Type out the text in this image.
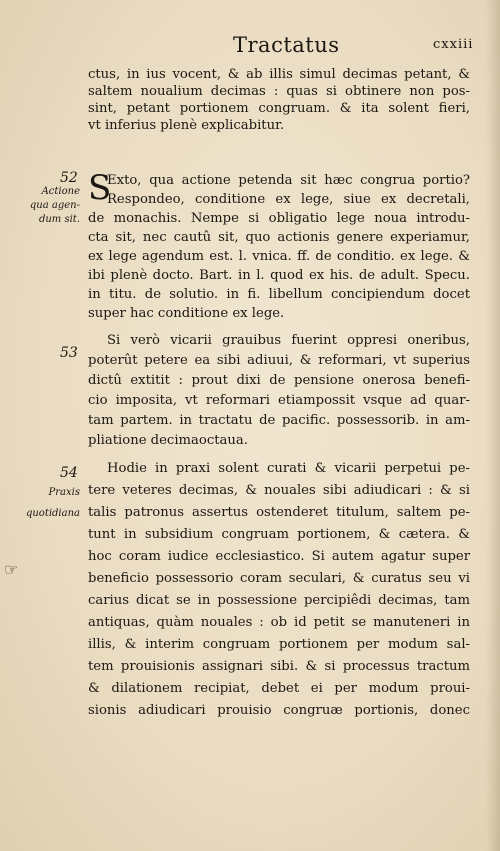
Tractatus	cxxiii
ctus, in ius vocent, & ab illis simul decimas petant, &
saltem noualium decimas : quas si obtinere non pos-
sint, petant portionem congruam. & ita solent fieri,
vt inferius plenè explicabitur.
52
Actione
qua agen-
dum sit.
S
Exto, qua actione petenda sit hæc congrua portio?
Respondeo, conditione ex lege, siue ex decretali,
de monachis. Nempe si obligatio lege noua introdu-
cta sit, nec cautû sit, quo actionis genere experiamur,
ex lege agendum est. l. vnica. ff. de conditio. ex lege. &
ibi plenè docto. Bart. in l. quod ex his. de adult. Specu.
in titu. de solutio. in fi. libellum concipiendum docet
super hac conditione ex lege.
53
Si verò vicarii grauibus fuerint oppresi oneribus,
poterût petere ea sibi adiuui, & reformari, vt superius
dictû extitit : prout dixi de pensione onerosa benefi-
cio imposita, vt reformari etiampossit vsque ad quar-
tam partem. in tractatu de pacific. possessorib. in am-
pliatione decimaoctaua.
54
Praxis
quotidiana
Hodie in praxi solent curati & vicarii perpetui pe-
tere veteres decimas, & nouales sibi adiudicari : & si
talis patronus assertus ostenderet titulum, saltem pe-
tunt in subsidium congruam portionem, & cætera. &
hoc coram iudice ecclesiastico. Si autem agatur super
beneficio possessorio coram seculari, & curatus seu vi
carius dicat se in possessione percipiêdi decimas, tam
antiquas, quàm nouales : ob id petit se manuteneri in
illis, & interim congruam portionem per modum sal-
tem prouisionis assignari sibi. & si processus tractum
& dilationem recipiat, debet ei per modum proui-
sionis adiudicari prouisio congruæ portionis, donec
☞
